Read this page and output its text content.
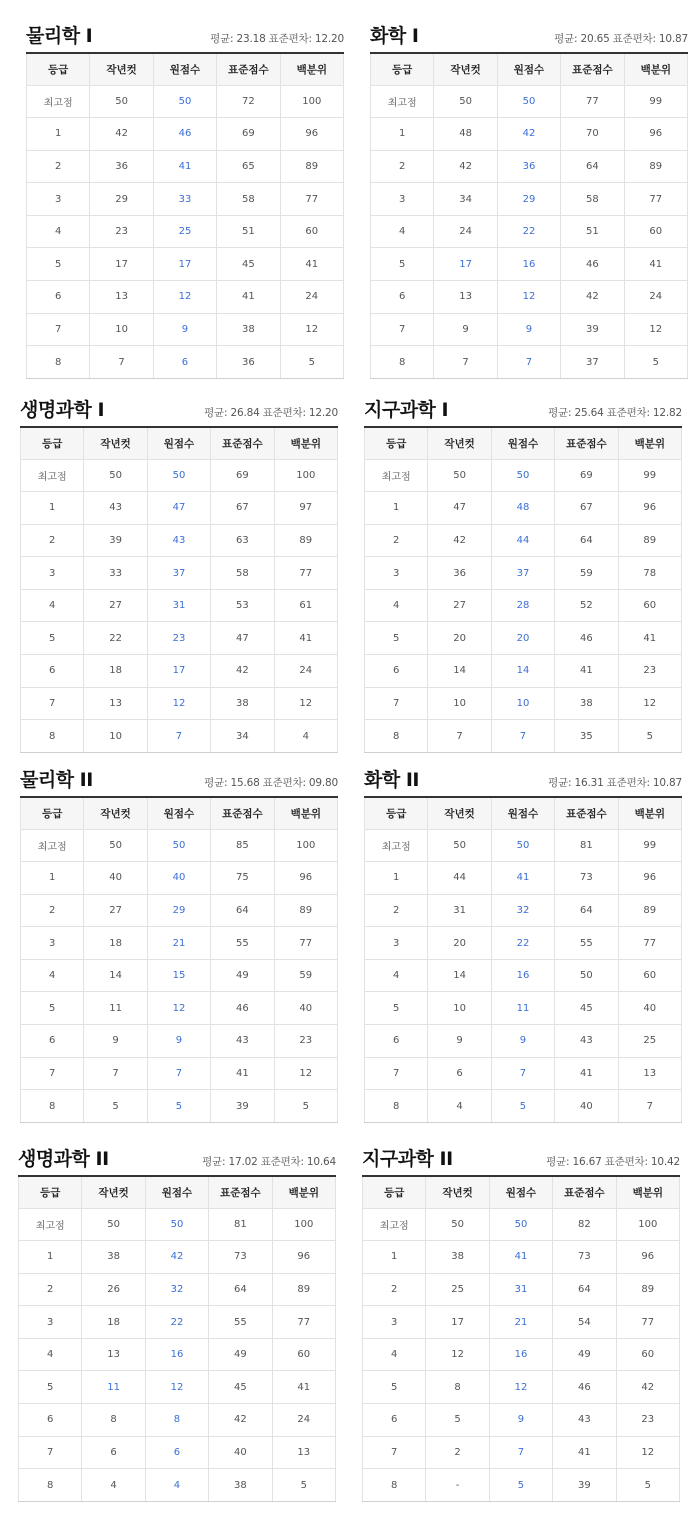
물리학 I	평균: 23.18 표준편차: 12.20
등급	작년컷	원점수	표준점수	백분위
최고점	50	50	72	100
1	42	46	69	96
2	36	41	65	89
3	29	33	58	77
4	23	25	51	60
5	17	17	45	41
6	13	12	41	24
7	10	9	38	12
8	7	6	36	5
화학 I	평균: 20.65 표준편차: 10.87
등급	작년컷	원점수	표준점수	백분위
최고점	50	50	77	99
1	48	42	70	96
2	42	36	64	89
3	34	29	58	77
4	24	22	51	60
5	17	16	46	41
6	13	12	42	24
7	9	9	39	12
8	7	7	37	5
생명과학 I	평균: 26.84 표준편차: 12.20
등급	작년컷	원점수	표준점수	백분위
최고점	50	50	69	100
1	43	47	67	97
2	39	43	63	89
3	33	37	58	77
4	27	31	53	61
5	22	23	47	41
6	18	17	42	24
7	13	12	38	12
8	10	7	34	4
지구과학 I	평균: 25.64 표준편차: 12.82
등급	작년컷	원점수	표준점수	백분위
최고점	50	50	69	99
1	47	48	67	96
2	42	44	64	89
3	36	37	59	78
4	27	28	52	60
5	20	20	46	41
6	14	14	41	23
7	10	10	38	12
8	7	7	35	5
물리학 II	평균: 15.68 표준편차: 09.80
등급	작년컷	원점수	표준점수	백분위
최고점	50	50	85	100
1	40	40	75	96
2	27	29	64	89
3	18	21	55	77
4	14	15	49	59
5	11	12	46	40
6	9	9	43	23
7	7	7	41	12
8	5	5	39	5
화학 II	평균: 16.31 표준편차: 10.87
등급	작년컷	원점수	표준점수	백분위
최고점	50	50	81	99
1	44	41	73	96
2	31	32	64	89
3	20	22	55	77
4	14	16	50	60
5	10	11	45	40
6	9	9	43	25
7	6	7	41	13
8	4	5	40	7
생명과학 II	평균: 17.02 표준편차: 10.64
등급	작년컷	원점수	표준점수	백분위
최고점	50	50	81	100
1	38	42	73	96
2	26	32	64	89
3	18	22	55	77
4	13	16	49	60
5	11	12	45	41
6	8	8	42	24
7	6	6	40	13
8	4	4	38	5
지구과학 II	평균: 16.67 표준편차: 10.42
등급	작년컷	원점수	표준점수	백분위
최고점	50	50	82	100
1	38	41	73	96
2	25	31	64	89
3	17	21	54	77
4	12	16	49	60
5	8	12	46	42
6	5	9	43	23
7	2	7	41	12
8	-	5	39	5
